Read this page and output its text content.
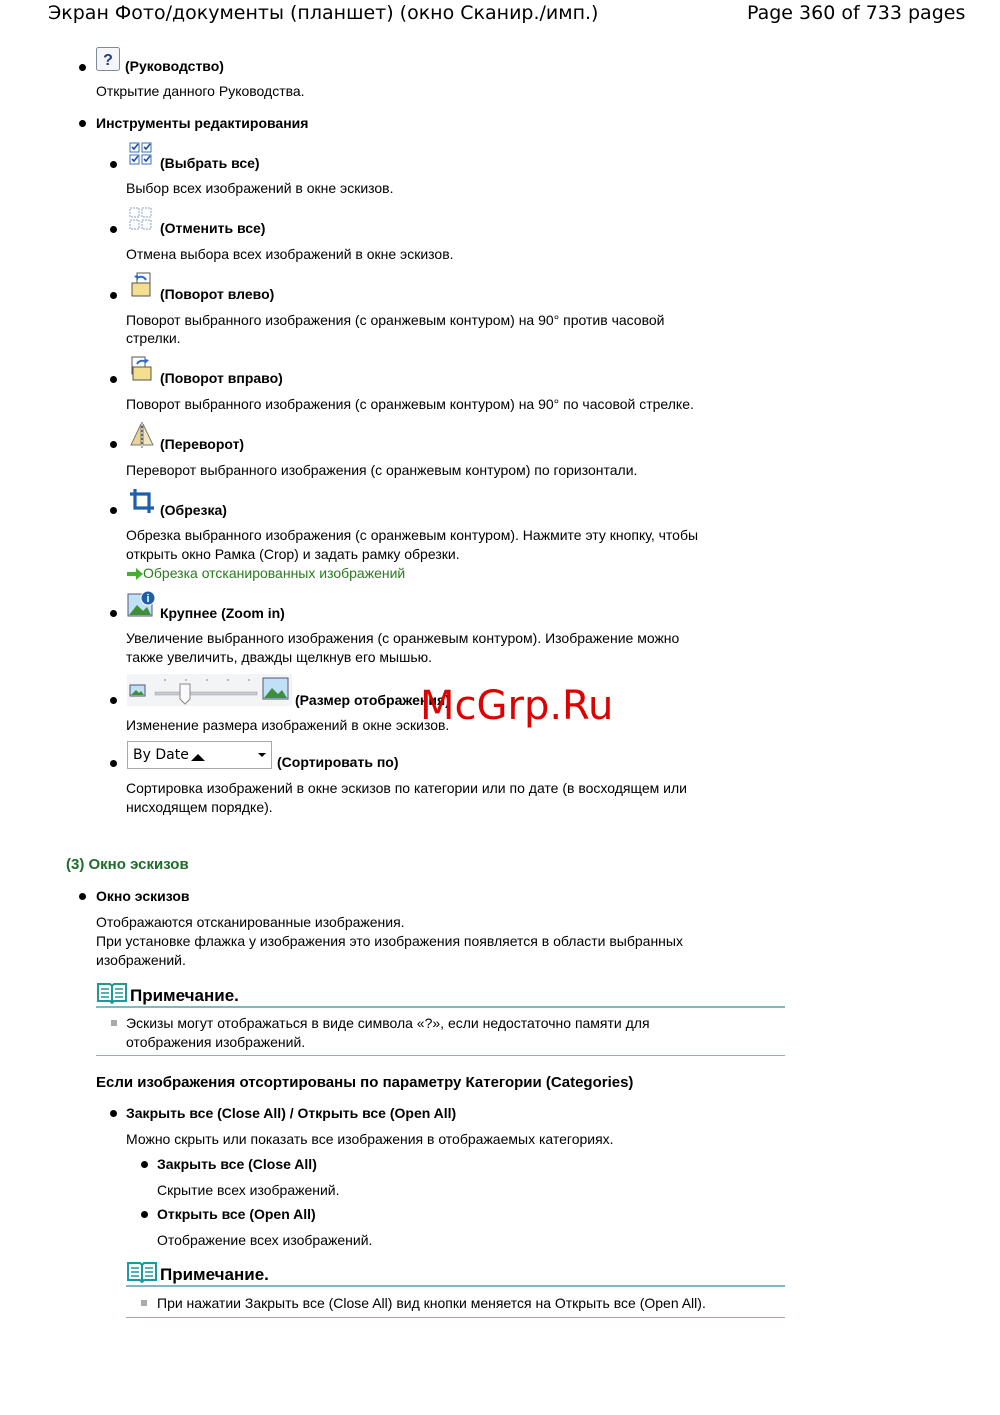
Экран Фото/документы (планшет) (окно Сканир./имп.)	Page 360 of 733 pages
? (Руководство)
Открытие данного Руководства.
Инструменты редактирования
(Выбрать все)
Выбор всех изображений в окне эскизов.
(Отменить все)
Отмена выбора всех изображений в окне эскизов.
(Поворот влево)
Поворот выбранного изображения (с оранжевым контуром) на 90° против часовой
стрелки.
(Поворот вправо)
Поворот выбранного изображения (с оранжевым контуром) на 90° по часовой стрелке.
(Переворот)
Переворот выбранного изображения (с оранжевым контуром) по горизонтали.
(Обрезка)
Обрезка выбранного изображения (с оранжевым контуром). Нажмите эту кнопку, чтобы
открыть окно Рамка (Crop) и задать рамку обрезки.
Обрезка отсканированных изображений
i
Крупнее (Zoom in)
Увеличение выбранного изображения (с оранжевым контуром). Изображение можно
также увеличить, дважды щелкнув его мышью.
(Размер отображения)
Изменение размера изображений в окне эскизов.
McGrp.Ru
By Date	(Сортировать по)
Сортировка изображений в окне эскизов по категории или по дате (в восходящем или
нисходящем порядке).
(3) Окно эскизов
Окно эскизов
Отображаются отсканированные изображения.
При установке флажка у изображения это изображения появляется в области выбранных
изображений.
Примечание.
Эскизы могут отображаться в виде символа «?», если недостаточно памяти для
отображения изображений.
Если изображения отсортированы по параметру Категории (Categories)
Закрыть все (Close All) / Открыть все (Open All)
Можно скрыть или показать все изображения в отображаемых категориях.
Закрыть все (Close All)
Скрытие всех изображений.
Открыть все (Open All)
Отображение всех изображений.
Примечание.
При нажатии Закрыть все (Close All) вид кнопки меняется на Открыть все (Open All).
